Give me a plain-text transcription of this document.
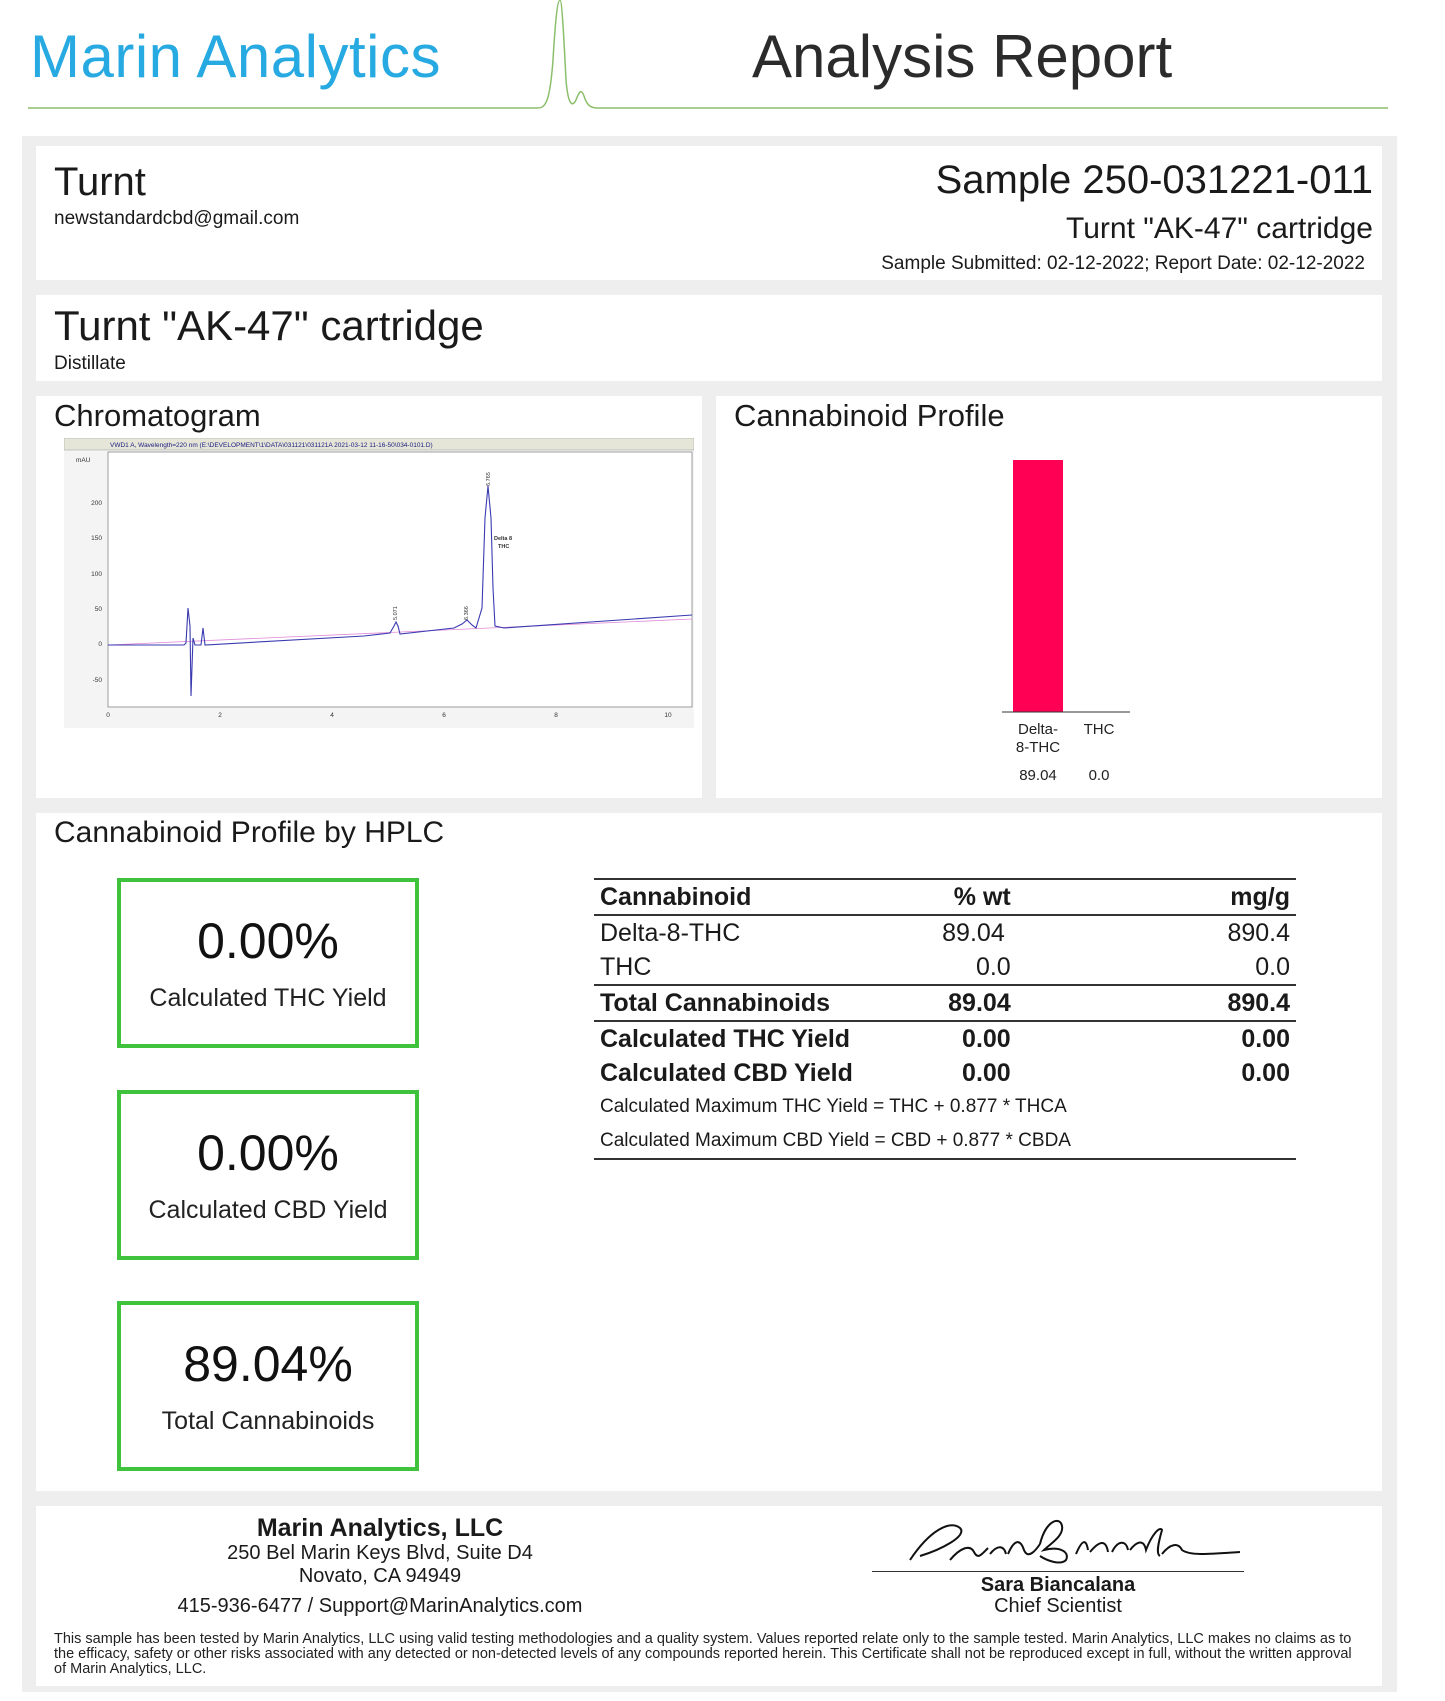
Marin Analytics	Analysis Report
Turnt
newstandardcbd@gmail.com
Sample 250-031221-011
Turnt "AK-47" cartridge
Sample Submitted: 02-12-2022; Report Date: 02-12-2022
Turnt "AK-47" cartridge
Distillate
Chromatogram
VWD1 A, Wavelength=220 nm (E:\DEVELOPMENT\1\DATA\031121\031121A 2021-03-12 11-16-50\034-0101.D)
mAU
200
150
100
50
0
-50
0	2	4	6	8	10
5.071	6.366
6.765
Delta 8
THC
Cannabinoid Profile
Delta-
8-THC
THC
89.04 0.0
Cannabinoid Profile by HPLC
0.00%
Calculated THC Yield
0.00%
Calculated CBD Yield
89.04%
Total Cannabinoids
Cannabinoid	% wt	mg/g
Delta-8-THC	89.04	890.4
THC	0.0	0.0
Total Cannabinoids	89.04	890.4
Calculated THC Yield	0.00	0.00
Calculated CBD Yield	0.00	0.00
Calculated Maximum THC Yield = THC + 0.877 * THCA		
Calculated Maximum CBD Yield = CBD + 0.877 * CBDA		
Marin Analytics, LLC
250 Bel Marin Keys Blvd, Suite D4
Novato, CA 94949
415-936-6477 / Support@MarinAnalytics.com
Sara Biancalana
Chief Scientist
This sample has been tested by Marin Analytics, LLC using valid testing methodologies and a quality system. Values reported relate only to the sample tested. Marin Analytics, LLC makes no claims as to the efficacy, safety or other risks associated with any detected or non-detected levels of any compounds reported herein. This Certificate shall not be reproduced except in full, without the written approval of Marin Analytics, LLC.
